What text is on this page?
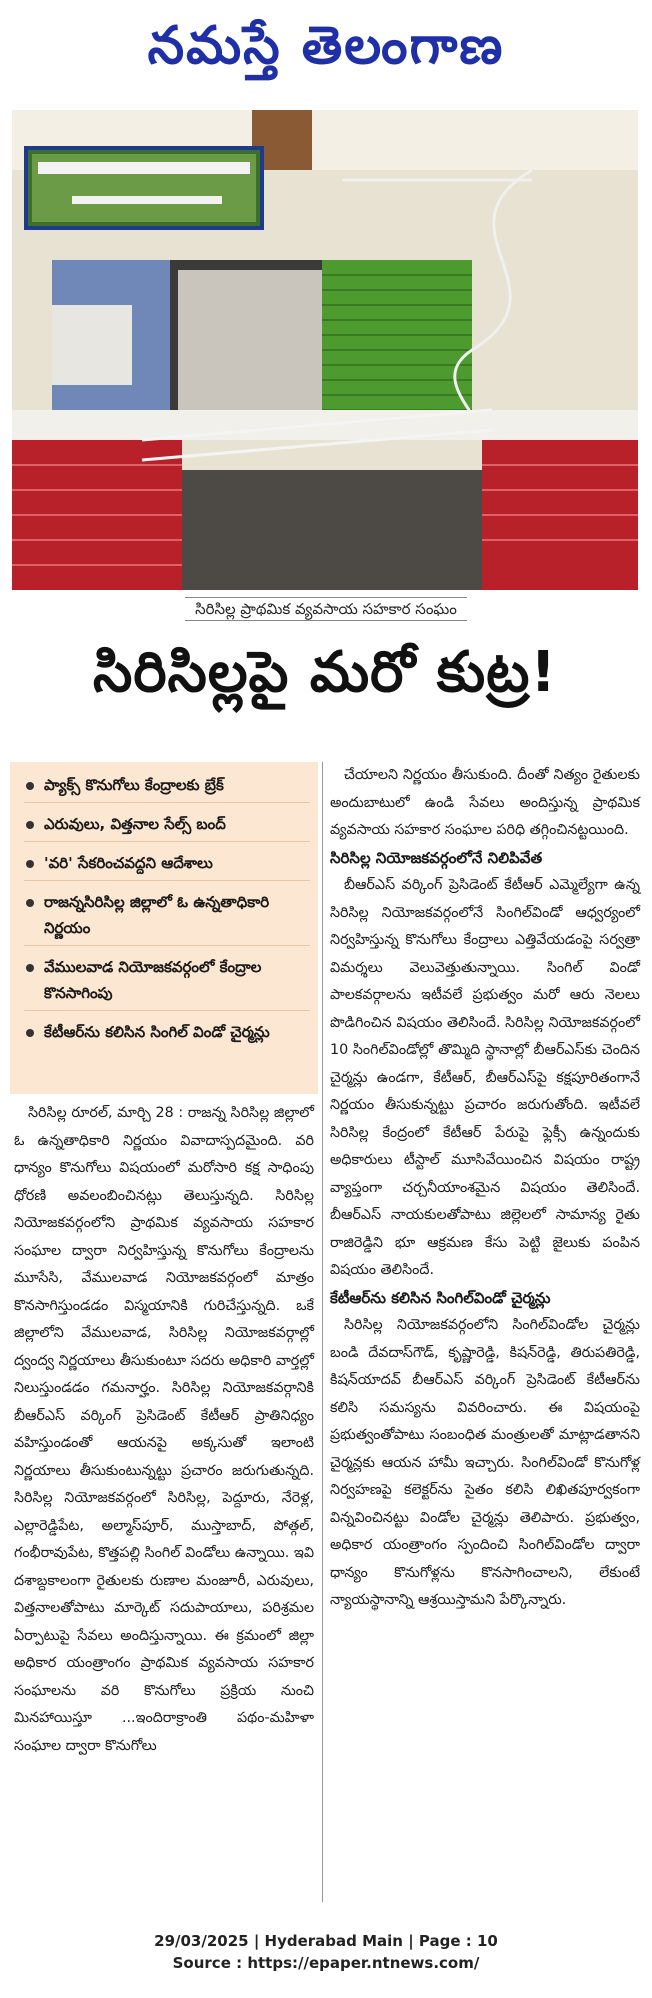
నమస్తే తెలంగాణ
సిరిసిల్ల ప్రాథమిక వ్యవసాయ సహకార సంఘం
సిరిసిల్లపై మరో కుట్ర!
ప్యాక్స్ కొనుగోలు కేంద్రాలకు బ్రేక్
ఎరువులు, విత్తనాల సేల్స్ బంద్
'వరి' సేకరించవద్దని ఆదేశాలు
రాజన్నసిరిసిల్ల జిల్లాలో ఓ ఉన్నతాధికారి నిర్ణయం
వేములవాడ నియోజకవర్గంలో కేంద్రాల కొనసాగింపు
కేటీఆర్‌ను కలిసిన సింగిల్ విండో చైర్మన్లు

సిరిసిల్ల రూరల్, మార్చి 28 : రాజన్న సిరిసిల్ల జిల్లాలో ఓ ఉన్నతాధికారి నిర్ణయం వివాదాస్పదమైంది. వరి ధాన్యం కొనుగోలు విషయంలో మరోసారి కక్ష సాధింపు ధోరణి అవలంబించినట్లు తెలుస్తున్నది. సిరిసిల్ల నియోజకవర్గంలోని ప్రాథమిక వ్యవసాయ సహకార సంఘాల ద్వారా నిర్వహిస్తున్న కొనుగోలు కేంద్రాలను మూసేసి, వేములవాడ నియోజకవర్గంలో మాత్రం కొనసాగిస్తుండడం విస్మయానికి గురిచేస్తున్నది. ఒకే జిల్లాలోని వేములవాడ, సిరిసిల్ల నియోజకవర్గాల్లో ద్వంద్వ నిర్ణయాలు తీసుకుంటూ సదరు అధికారి వార్తల్లో నిలుస్తుండడం గమనార్హం. సిరిసిల్ల నియోజకవర్గానికి బీఆర్‌ఎస్ వర్కింగ్ ప్రెసిడెంట్ కేటీఆర్ ప్రాతినిధ్యం వహిస్తుండంతో ఆయనపై అక్కసుతో ఇలాంటి నిర్ణయాలు తీసుకుంటున్నట్టు ప్రచారం జరుగుతున్నది. సిరిసిల్ల నియోజకవర్గంలో సిరిసిల్ల, పెద్దూరు, నేరెళ్ల, ఎల్లారెడ్డిపేట, అల్మాస్‌పూర్, ముస్తాబాద్, పోత్గల్, గంభీరావుపేట, కొత్తపల్లి సింగిల్ విండోలు ఉన్నాయి. ఇవి దశాబ్దకాలంగా రైతులకు రుణాల మంజూరీ, ఎరువులు, విత్తనాలతోపాటు మార్కెట్ సదుపాయాలు, పరిశ్రమల ఏర్పాటుపై సేవలు అందిస్తున్నాయి. ఈ క్రమంలో జిల్లా అధికార యంత్రాంగం ప్రాథమిక వ్యవసాయ సహకార సంఘాలను వరి కొనుగోలు ప్రక్రియ నుంచి మినహాయిస్తూ ...ఇందిరాక్రాంతి పథం-మహిళా సంఘాల ద్వారా కొనుగోలు

చేయాలని నిర్ణయం తీసుకుంది. దీంతో నిత్యం రైతులకు అందుబాటులో ఉండి సేవలు అందిస్తున్న ప్రాథమిక వ్యవసాయ సహకార సంఘాల పరిధి తగ్గించినట్టయింది.

సిరిసిల్ల నియోజకవర్గంలోనే నిలిపివేత

బీఆర్‌ఎస్ వర్కింగ్ ప్రెసిడెంట్ కేటీఆర్ ఎమ్మెల్యేగా ఉన్న సిరిసిల్ల నియోజకవర్గంలోనే సింగిల్‌విండో ఆధ్వర్యంలో నిర్వహిస్తున్న కొనుగోలు కేంద్రాలు ఎత్తివేయడంపై సర్వత్రా విమర్శలు వెలువెత్తుతున్నాయి. సింగిల్ విండో పాలకవర్గాలను ఇటీవలే ప్రభుత్వం మరో ఆరు నెలలు పొడిగించిన విషయం తెలిసిందే. సిరిసిల్ల నియోజకవర్గంలో 10 సింగిల్‌విండోల్లో తొమ్మిది స్థానాల్లో బీఆర్‌ఎస్‌కు చెందిన చైర్మన్లు ఉండగా, కేటీఆర్, బీఆర్‌ఎస్‌పై కక్షపూరితంగానే నిర్ణయం తీసుకున్నట్టు ప్రచారం జరుగుతోంది. ఇటీవలే సిరిసిల్ల కేంద్రంలో కేటీఆర్ పేరుపై ఫ్లెక్సీ ఉన్నందుకు అధికారులు టీస్టాల్ మూసివేయించిన విషయం రాష్ట్ర వ్యాప్తంగా చర్చనీయాంశమైన విషయం తెలిసిందే. బీఆర్‌ఎస్ నాయకులతోపాటు జిల్లెలలో సామాన్య రైతు రాజిరెడ్డిని భూ ఆక్రమణ కేసు పెట్టి జైలుకు పంపిన విషయం తెలిసిందే.

కేటీఆర్‌ను కలిసిన సింగిల్‌విండో చైర్మన్లు

సిరిసిల్ల నియోజకవర్గంలోని సింగిల్‌విండోల చైర్మన్లు బండి దేవదాస్‌గౌడ్, కృష్ణారెడ్డి, కిషన్‌రెడ్డి, తిరుపతిరెడ్డి, కిషన్‌యాదవ్ బీఆర్‌ఎస్ వర్కింగ్ ప్రెసిడెంట్ కేటీఆర్‌ను కలిసి సమస్యను వివరించారు. ఈ విషయంపై ప్రభుత్వంతోపాటు సంబంధిత మంత్రులతో మాట్లాడతానని చైర్మన్లకు ఆయన హామీ ఇచ్చారు. సింగిల్‌విండో కొనుగోళ్ల నిర్వహణపై కలెక్టర్‌ను సైతం కలిసి లిఖితపూర్వకంగా విన్నవించినట్టు విండోల చైర్మన్లు తెలిపారు. ప్రభుత్వం, అధికార యంత్రాంగం స్పందించి సింగిల్‌విండోల ద్వారా ధాన్యం కొనుగోళ్లను కొనసాగించాలని, లేకుంటే న్యాయస్థానాన్ని ఆశ్రయిస్తామని పేర్కొన్నారు.

29/03/2025 | Hyderabad Main | Page : 10
Source : https://epaper.ntnews.com/
